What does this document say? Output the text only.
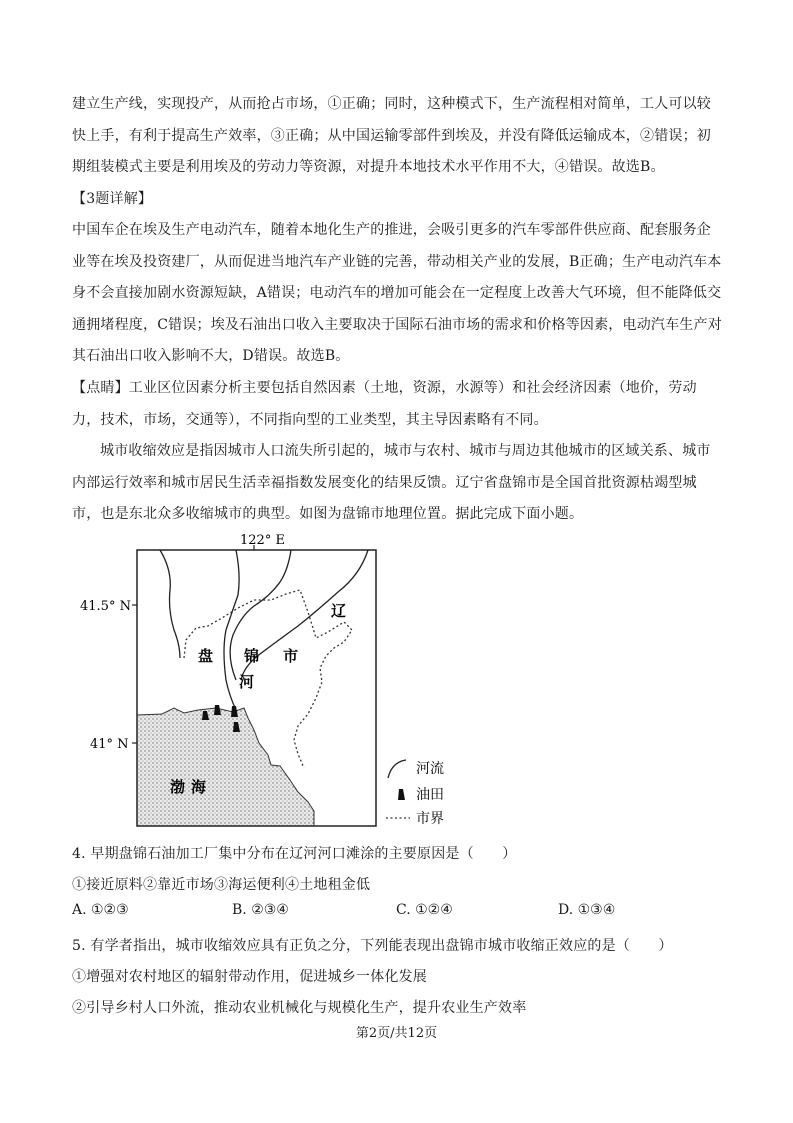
建立生产线，实现投产，从而抢占市场，①正确；同时，这种模式下，生产流程相对简单，工人可以较快上手，有利于提高生产效率，③正确；从中国运输零部件到埃及，并没有降低运输成本，②错误；初期组装模式主要是利用埃及的劳动力等资源，对提升本地技术水平作用不大，④错误。故选B。

【3题详解】

中国车企在埃及生产电动汽车，随着本地化生产的推进，会吸引更多的汽车零部件供应商、配套服务企业等在埃及投资建厂，从而促进当地汽车产业链的完善，带动相关产业的发展，B正确；生产电动汽车本身不会直接加剧水资源短缺，A错误；电动汽车的增加可能会在一定程度上改善大气环境，但不能降低交通拥堵程度，C错误；埃及石油出口收入主要取决于国际石油市场的需求和价格等因素，电动汽车生产对其石油出口收入影响不大，D错误。故选B。

【点睛】工业区位因素分析主要包括自然因素（土地，资源，水源等）和社会经济因素（地价，劳动力，技术，市场，交通等），不同指向型的工业类型，其主导因素略有不同。

城市收缩效应是指因城市人口流失所引起的，城市与农村、城市与周边其他城市的区域关系、城市内部运行效率和城市居民生活幸福指数发展变化的结果反馈。辽宁省盘锦市是全国首批资源枯竭型城市，也是东北众多收缩城市的典型。如图为盘锦市地理位置。据此完成下面小题。

122° E
41.5° N
41° N
盘 锦 市
河
辽
渤海
河流
油田
市界

4. 早期盘锦石油加工厂集中分布在辽河河口滩涂的主要原因是（　　）

①接近原料②靠近市场③海运便利④土地租金低

A. ①②③	B. ②③④	C. ①②④	D. ①③④

5. 有学者指出，城市收缩效应具有正负之分，下列能表现出盘锦市城市收缩正效应的是（　　）

①增强对农村地区的辐射带动作用，促进城乡一体化发展

②引导乡村人口外流，推动农业机械化与规模化生产，提升农业生产效率

第2页/共12页
